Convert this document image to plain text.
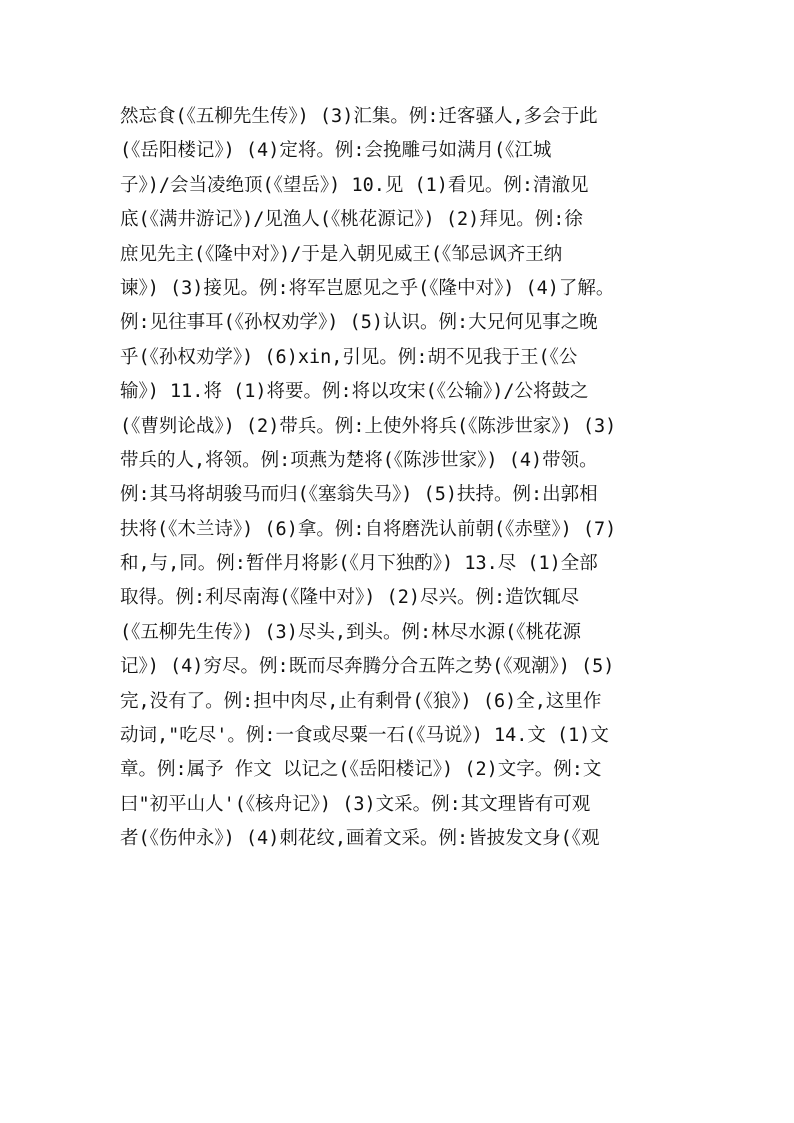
然忘食(《五柳先生传》) (3)汇集。例:迁客骚人,多会于此
(《岳阳楼记》) (4)定将。例:会挽雕弓如满月(《江城
子》)/会当凌绝顶(《望岳》) 10.见 (1)看见。例:清澈见
底(《满井游记》)/见渔人(《桃花源记》) (2)拜见。例:徐
庶见先主(《隆中对》)/于是入朝见威王(《邹忌讽齐王纳
谏》) (3)接见。例:将军岂愿见之乎(《隆中对》) (4)了解。
例:见往事耳(《孙权劝学》) (5)认识。例:大兄何见事之晚
乎(《孙权劝学》) (6)xin,引见。例:胡不见我于王(《公
输》) 11.将 (1)将要。例:将以攻宋(《公输》)/公将鼓之
(《曹刿论战》) (2)带兵。例:上使外将兵(《陈涉世家》) (3)
带兵的人,将领。例:项燕为楚将(《陈涉世家》) (4)带领。
例:其马将胡骏马而归(《塞翁失马》) (5)扶持。例:出郭相
扶将(《木兰诗》) (6)拿。例:自将磨洗认前朝(《赤壁》) (7)
和,与,同。例:暂伴月将影(《月下独酌》) 13.尽 (1)全部
取得。例:利尽南海(《隆中对》) (2)尽兴。例:造饮辄尽
(《五柳先生传》) (3)尽头,到头。例:林尽水源(《桃花源
记》) (4)穷尽。例:既而尽奔腾分合五阵之势(《观潮》) (5)
完,没有了。例:担中肉尽,止有剩骨(《狼》) (6)全,这里作
动词,"吃尽'。例:一食或尽粟一石(《马说》) 14.文 (1)文
章。例:属予 作文 以记之(《岳阳楼记》) (2)文字。例:文
曰"初平山人'(《核舟记》) (3)文采。例:其文理皆有可观
者(《伤仲永》) (4)刺花纹,画着文采。例:皆披发文身(《观
